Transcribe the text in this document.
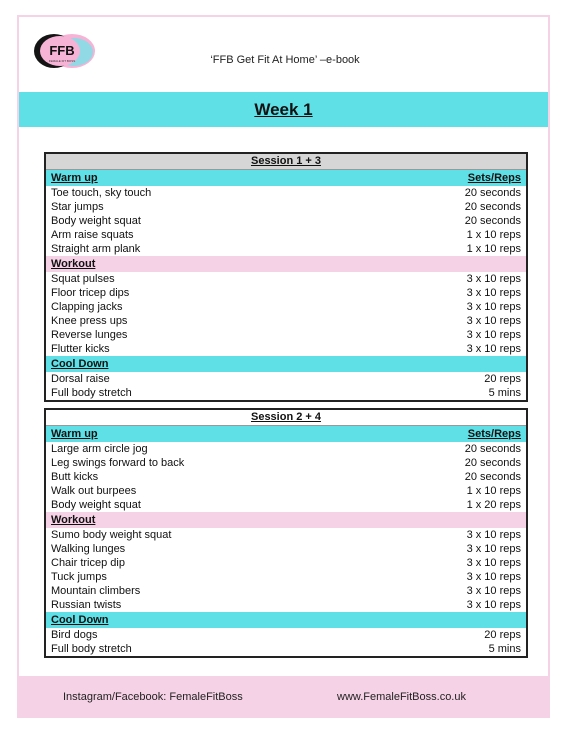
FFB
FEMALE FIT BOSS	‘FFB Get Fit At Home’ –e-book
Week 1
Session 1 + 3
Warm up	Sets/Reps
Toe touch, sky touch	20 seconds
Star jumps	20 seconds
Body weight squat	20 seconds
Arm raise squats	1 x 10 reps
Straight arm plank	1 x 10 reps
Workout
Squat pulses	3 x 10 reps
Floor tricep dips	3 x 10 reps
Clapping jacks	3 x 10 reps
Knee press ups	3 x 10 reps
Reverse lunges	3 x 10 reps
Flutter kicks	3 x 10 reps
Cool Down
Dorsal raise	20 reps
Full body stretch	5 mins
Session 2 + 4
Warm up	Sets/Reps
Large arm circle jog	20 seconds
Leg swings forward to back	20 seconds
Butt kicks	20 seconds
Walk out burpees	1 x 10 reps
Body weight squat	1 x 20 reps
Workout
Sumo body weight squat	3 x 10 reps
Walking lunges	3 x 10 reps
Chair tricep dip	3 x 10 reps
Tuck jumps	3 x 10 reps
Mountain climbers	3 x 10 reps
Russian twists	3 x 10 reps
Cool Down
Bird dogs	20 reps
Full body stretch	5 mins
Instagram/Facebook: FemaleFitBoss	www.FemaleFitBoss.co.uk
